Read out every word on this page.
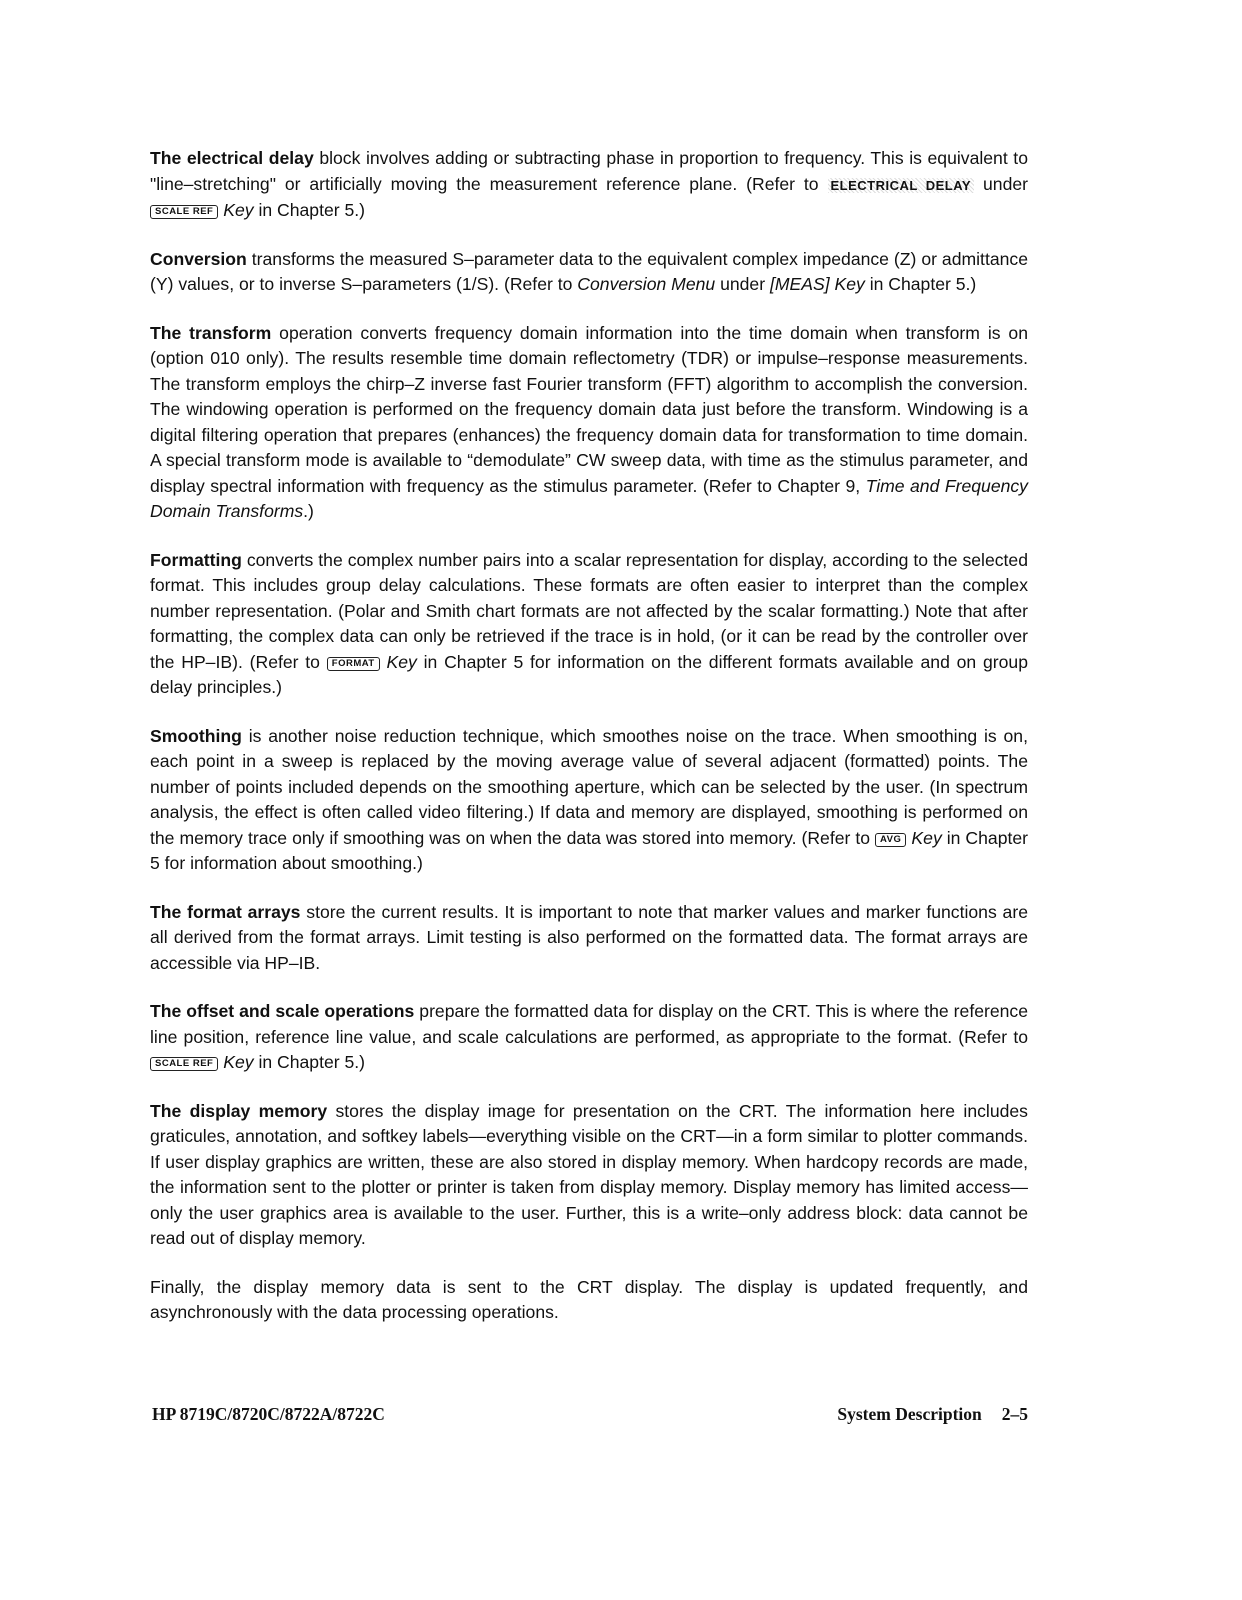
The electrical delay block involves adding or subtracting phase in proportion to frequency. This is equivalent to "line–stretching" or artificially moving the measurement reference plane. (Refer to ELECTRICAL DELAY under SCALE REF Key in Chapter 5.)

Conversion transforms the measured S–parameter data to the equivalent complex impedance (Z) or admittance (Y) values, or to inverse S–parameters (1/S). (Refer to Conversion Menu under [MEAS] Key in Chapter 5.)

The transform operation converts frequency domain information into the time domain when transform is on (option 010 only). The results resemble time domain reflectometry (TDR) or impulse–response measurements. The transform employs the chirp–Z inverse fast Fourier transform (FFT) algorithm to accomplish the conversion. The windowing operation is performed on the frequency domain data just before the transform. Windowing is a digital filtering operation that prepares (enhances) the frequency domain data for transformation to time domain. A special transform mode is available to “demodulate” CW sweep data, with time as the stimulus parameter, and display spectral information with frequency as the stimulus parameter. (Refer to Chapter 9, Time and Frequency Domain Transforms.)

Formatting converts the complex number pairs into a scalar representation for display, according to the selected format. This includes group delay calculations. These formats are often easier to interpret than the complex number representation. (Polar and Smith chart formats are not affected by the scalar formatting.) Note that after formatting, the complex data can only be retrieved if the trace is in hold, (or it can be read by the controller over the HP–IB). (Refer to FORMAT Key in Chapter 5 for information on the different formats available and on group delay principles.)

Smoothing is another noise reduction technique, which smoothes noise on the trace. When smoothing is on, each point in a sweep is replaced by the moving average value of several adjacent (formatted) points. The number of points included depends on the smoothing aperture, which can be selected by the user. (In spectrum analysis, the effect is often called video filtering.) If data and memory are displayed, smoothing is performed on the memory trace only if smoothing was on when the data was stored into memory. (Refer to AVG Key in Chapter 5 for information about smoothing.)

The format arrays store the current results. It is important to note that marker values and marker functions are all derived from the format arrays. Limit testing is also performed on the formatted data. The format arrays are accessible via HP–IB.

The offset and scale operations prepare the formatted data for display on the CRT. This is where the reference line position, reference line value, and scale calculations are performed, as appropriate to the format. (Refer to SCALE REF Key in Chapter 5.)

The display memory stores the display image for presentation on the CRT. The information here includes graticules, annotation, and softkey labels—everything visible on the CRT—in a form similar to plotter commands. If user display graphics are written, these are also stored in display memory. When hardcopy records are made, the information sent to the plotter or printer is taken from display memory. Display memory has limited access—only the user graphics area is available to the user. Further, this is a write–only address block: data cannot be read out of display memory.

Finally, the display memory data is sent to the CRT display. The display is updated frequently, and asynchronously with the data processing operations.

HP 8719C/8720C/8722A/8722C	System Description 2–5
